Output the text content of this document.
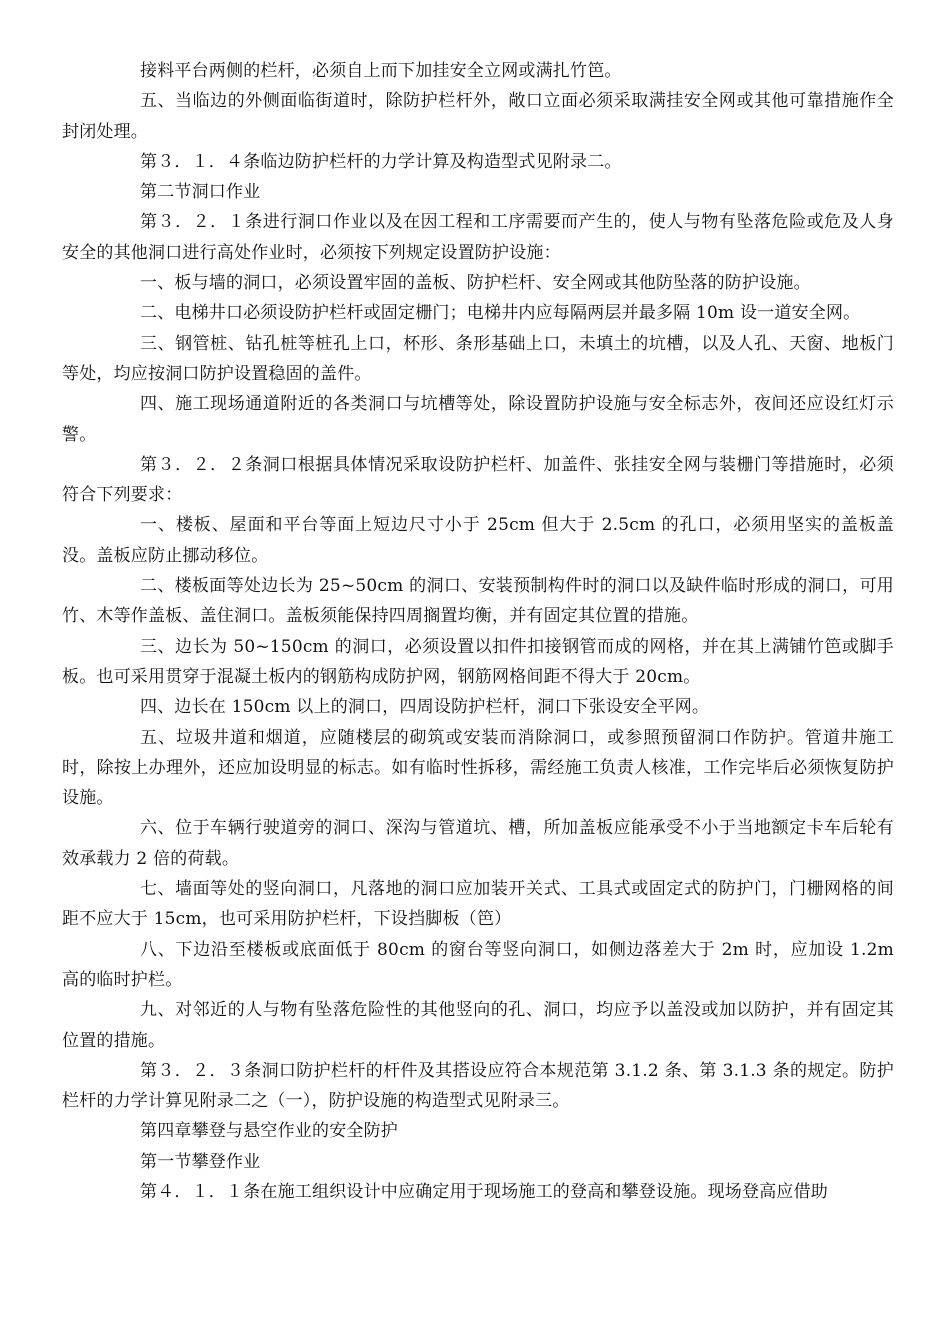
接料平台两侧的栏杆，必须自上而下加挂安全立网或满扎竹笆。

五、当临边的外侧面临街道时，除防护栏杆外，敞口立面必须采取满挂安全网或其他可靠措施作全封闭处理。

第３．１．４条临边防护栏杆的力学计算及构造型式见附录二。

第二节洞口作业

第３．２．１条进行洞口作业以及在因工程和工序需要而产生的，使人与物有坠落危险或危及人身安全的其他洞口进行高处作业时，必须按下列规定设置防护设施：

一、板与墙的洞口，必须设置牢固的盖板、防护栏杆、安全网或其他防坠落的防护设施。

二、电梯井口必须设防护栏杆或固定栅门；电梯井内应每隔两层并最多隔 10m 设一道安全网。

三、钢管桩、钻孔桩等桩孔上口，杯形、条形基础上口，未填土的坑槽，以及人孔、天窗、地板门等处，均应按洞口防护设置稳固的盖件。

四、施工现场通道附近的各类洞口与坑槽等处，除设置防护设施与安全标志外，夜间还应设红灯示警。

第３．２．２条洞口根据具体情况采取设防护栏杆、加盖件、张挂安全网与装栅门等措施时，必须符合下列要求：

一、楼板、屋面和平台等面上短边尺寸小于 25cm 但大于 2.5cm 的孔口，必须用坚实的盖板盖没。盖板应防止挪动移位。

二、楼板面等处边长为 25~50cm 的洞口、安装预制构件时的洞口以及缺件临时形成的洞口，可用竹、木等作盖板、盖住洞口。盖板须能保持四周搁置均衡，并有固定其位置的措施。

三、边长为 50~150cm 的洞口，必须设置以扣件扣接钢管而成的网格，并在其上满铺竹笆或脚手板。也可采用贯穿于混凝土板内的钢筋构成防护网，钢筋网格间距不得大于 20cm。

四、边长在 150cm 以上的洞口，四周设防护栏杆，洞口下张设安全平网。

五、垃圾井道和烟道，应随楼层的砌筑或安装而消除洞口，或参照预留洞口作防护。管道井施工时，除按上办理外，还应加设明显的标志。如有临时性拆移，需经施工负责人核准，工作完毕后必须恢复防护设施。

六、位于车辆行驶道旁的洞口、深沟与管道坑、槽，所加盖板应能承受不小于当地额定卡车后轮有效承载力 2 倍的荷载。

七、墙面等处的竖向洞口，凡落地的洞口应加装开关式、工具式或固定式的防护门，门栅网格的间距不应大于 15cm，也可采用防护栏杆，下设挡脚板（笆）

八、下边沿至楼板或底面低于 80cm 的窗台等竖向洞口，如侧边落差大于 2m 时，应加设 1.2m 高的临时护栏。

九、对邻近的人与物有坠落危险性的其他竖向的孔、洞口，均应予以盖没或加以防护，并有固定其位置的措施。

第３．２．３条洞口防护栏杆的杆件及其搭设应符合本规范第 3.1.2 条、第 3.1.3 条的规定。防护栏杆的力学计算见附录二之（一），防护设施的构造型式见附录三。

第四章攀登与悬空作业的安全防护

第一节攀登作业

第４．１．１条在施工组织设计中应确定用于现场施工的登高和攀登设施。现场登高应借助
